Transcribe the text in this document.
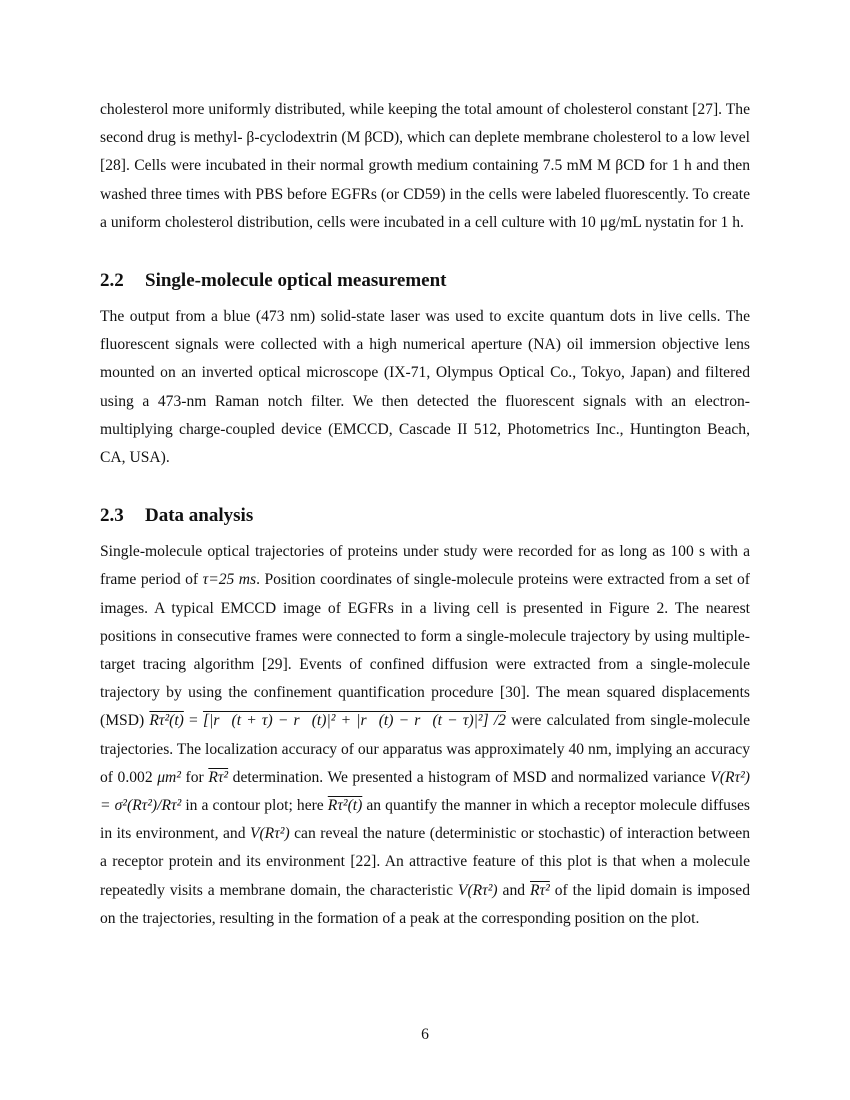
cholesterol more uniformly distributed, while keeping the total amount of cholesterol constant [27]. The second drug is methyl- β-cyclodextrin (M βCD), which can deplete membrane cholesterol to a low level [28]. Cells were incubated in their normal growth medium containing 7.5 mM M βCD for 1 h and then washed three times with PBS before EGFRs (or CD59) in the cells were labeled fluorescently. To create a uniform cholesterol distribution, cells were incubated in a cell culture with 10 μg/mL nystatin for 1 h.

2.2 Single-molecule optical measurement

The output from a blue (473 nm) solid-state laser was used to excite quantum dots in live cells. The fluorescent signals were collected with a high numerical aperture (NA) oil immersion objective lens mounted on an inverted optical microscope (IX-71, Olympus Optical Co., Tokyo, Japan) and filtered using a 473-nm Raman notch filter. We then detected the fluorescent signals with an electron-multiplying charge-coupled device (EMCCD, Cascade II 512, Photometrics Inc., Huntington Beach, CA, USA).

2.3 Data analysis

Single-molecule optical trajectories of proteins under study were recorded for as long as 100 s with a frame period of τ=25 ms. Position coordinates of single-molecule proteins were extracted from a set of images. A typical EMCCD image of EGFRs in a living cell is presented in Figure 2. The nearest positions in consecutive frames were connected to form a single-molecule trajectory by using multiple-target tracing algorithm [29]. Events of confined diffusion were extracted from a single-molecule trajectory by using the confinement quantification procedure [30]. The mean squared displacements (MSD) Rτ²(t) = [|r⃗(t + τ) − r⃗(t)|² + |r⃗(t) − r⃗(t − τ)|²] /2 were calculated from single-molecule trajectories. The localization accuracy of our apparatus was approximately 40 nm, implying an accuracy of 0.002 μm² for Rτ² determination. We presented a histogram of MSD and normalized variance V(Rτ²) = σ²(Rτ²)/Rτ² in a contour plot; here Rτ²(t) an quantify the manner in which a receptor molecule diffuses in its environment, and V(Rτ²) can reveal the nature (deterministic or stochastic) of interaction between a receptor protein and its environment [22]. An attractive feature of this plot is that when a molecule repeatedly visits a membrane domain, the characteristic V(Rτ²) and Rτ² of the lipid domain is imposed on the trajectories, resulting in the formation of a peak at the corresponding position on the plot.

6
